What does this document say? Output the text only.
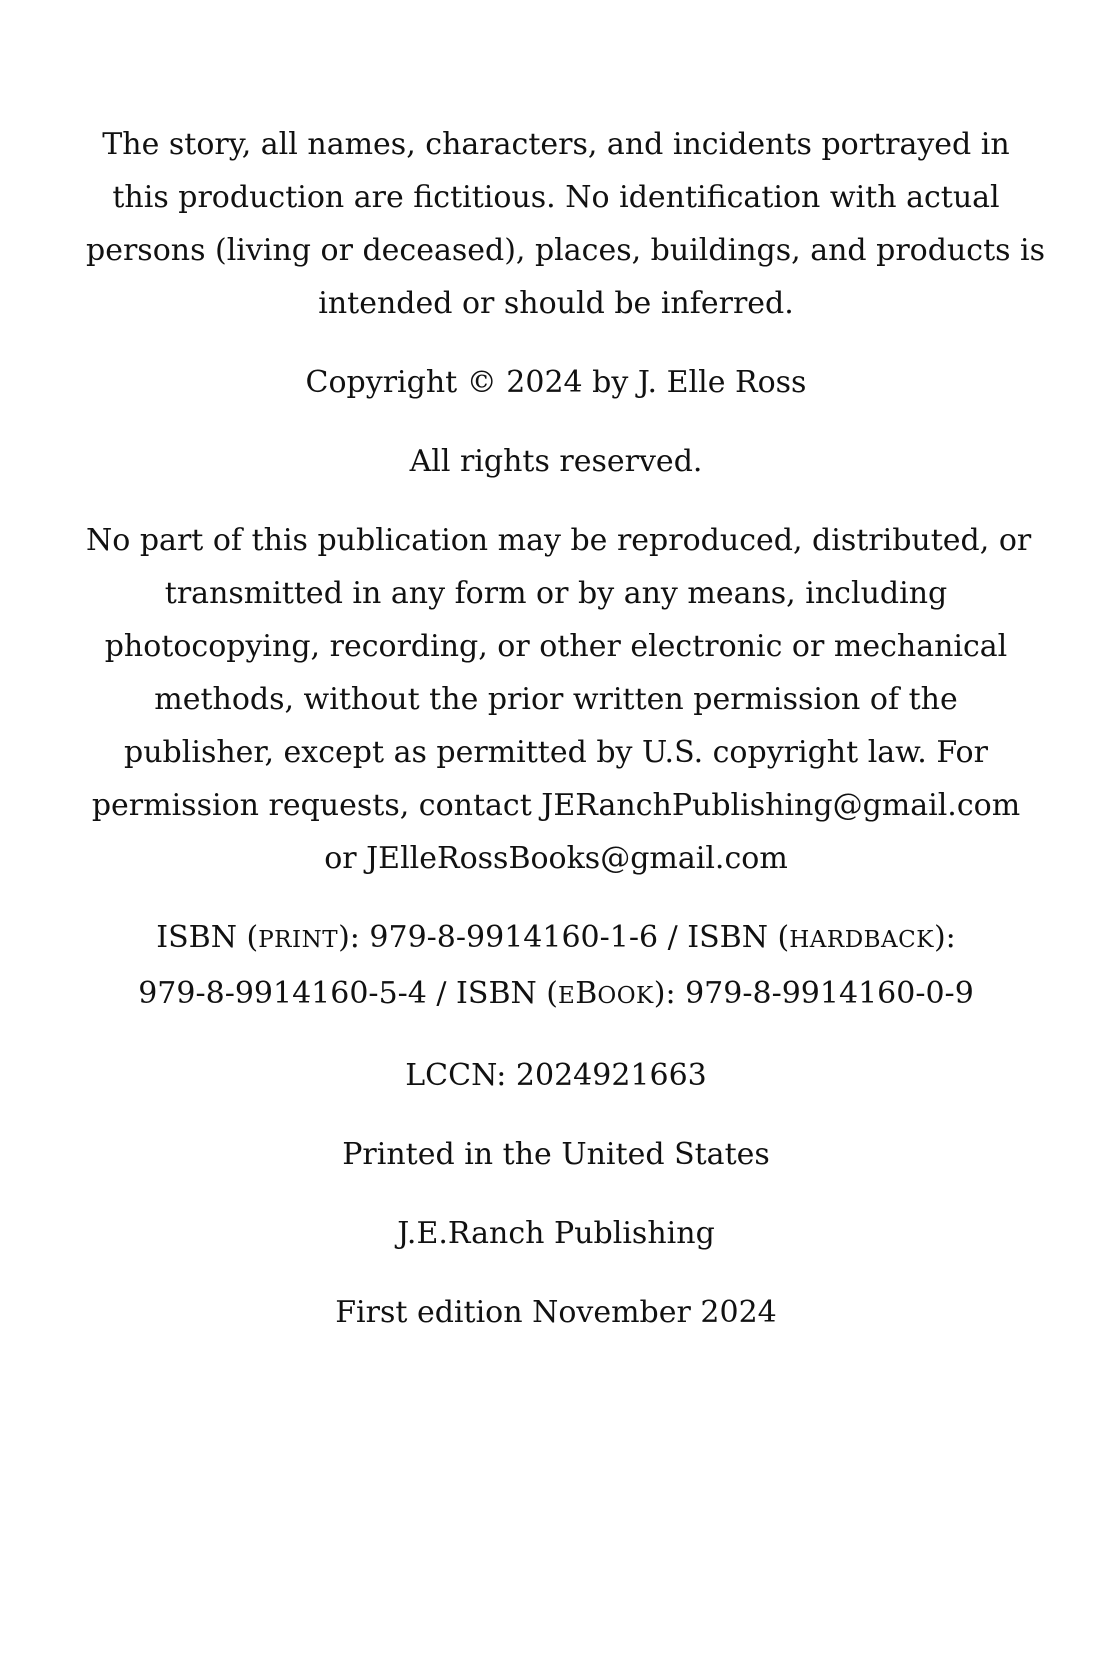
The story, all names, characters, and incidents portrayed in
this production are fictitious. No identification with actual
persons (living or deceased), places, buildings, and products is
intended or should be inferred.

Copyright © 2024 by J. Elle Ross

All rights reserved.

No part of this publication may be reproduced, distributed, or
transmitted in any form or by any means, including
photocopying, recording, or other electronic or mechanical
methods, without the prior written permission of the
publisher, except as permitted by U.S. copyright law. For
permission requests, contact JERanchPublishing@gmail.com
or JElleRossBooks@gmail.com

ISBN (PRINT): 979-8-9914160-1-6 / ISBN (HARDBACK):
979-8-9914160-5-4 / ISBN (EBOOK): 979-8-9914160-0-9

LCCN: 2024921663

Printed in the United States

J.E.Ranch Publishing

First edition November 2024
